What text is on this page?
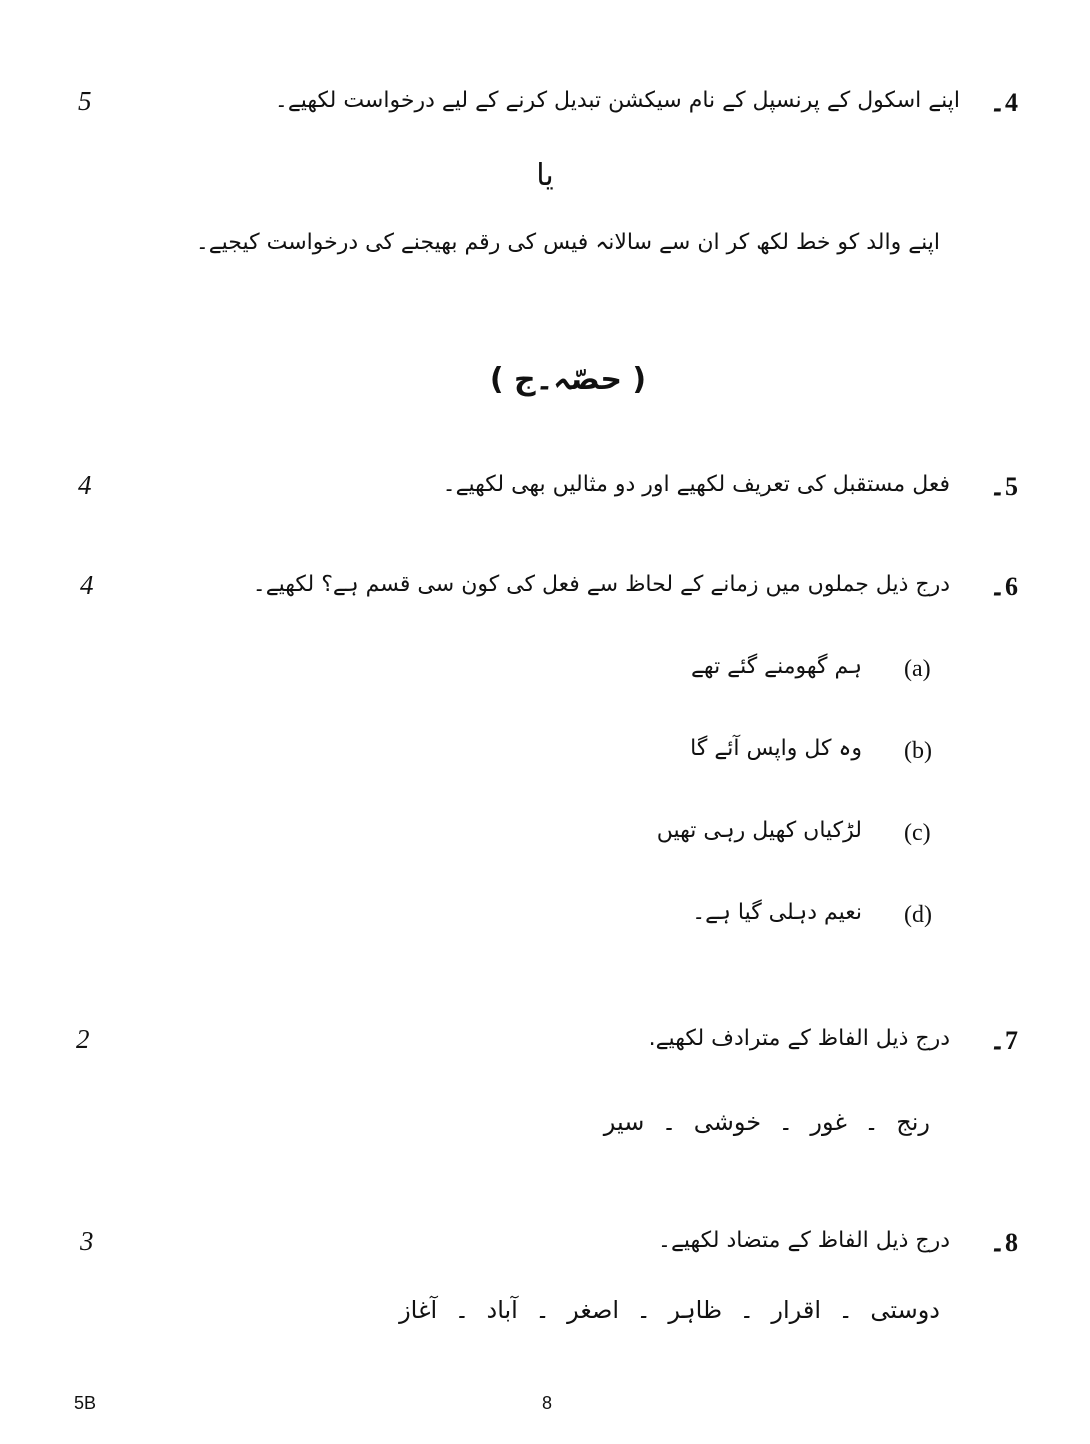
4۔
اپنے اسکول کے پرنسپل کے نام سیکشن تبدیل کرنے کے لیے درخواست لکھیے۔
5
یا
اپنے والد کو خط لکھ کر ان سے سالانہ فیس کی رقم بھیجنے کی درخواست کیجیے۔
( حصّہ۔ج )
5۔
فعل مستقبل کی تعریف لکھیے اور دو مثالیں بھی لکھیے۔
4
6۔
درج ذیل جملوں میں زمانے کے لحاظ سے فعل کی کون سی قسم ہے؟ لکھیے۔
4
(a)
ہم گھومنے گئے تھے
(b)
وہ کل واپس آئے گا
(c)
لڑکیاں کھیل رہی تھیں
(d)
نعیم دہلی گیا ہے۔
7۔
درج ذیل الفاظ کے مترادف لکھیے.
2
رنج ۔ غور ۔ خوشی ۔ سیر
8۔
درج ذیل الفاظ کے متضاد لکھیے۔
3
دوستی ۔ اقرار ۔ ظاہر ۔ اصغر ۔ آباد ۔ آغاز
5B	8
